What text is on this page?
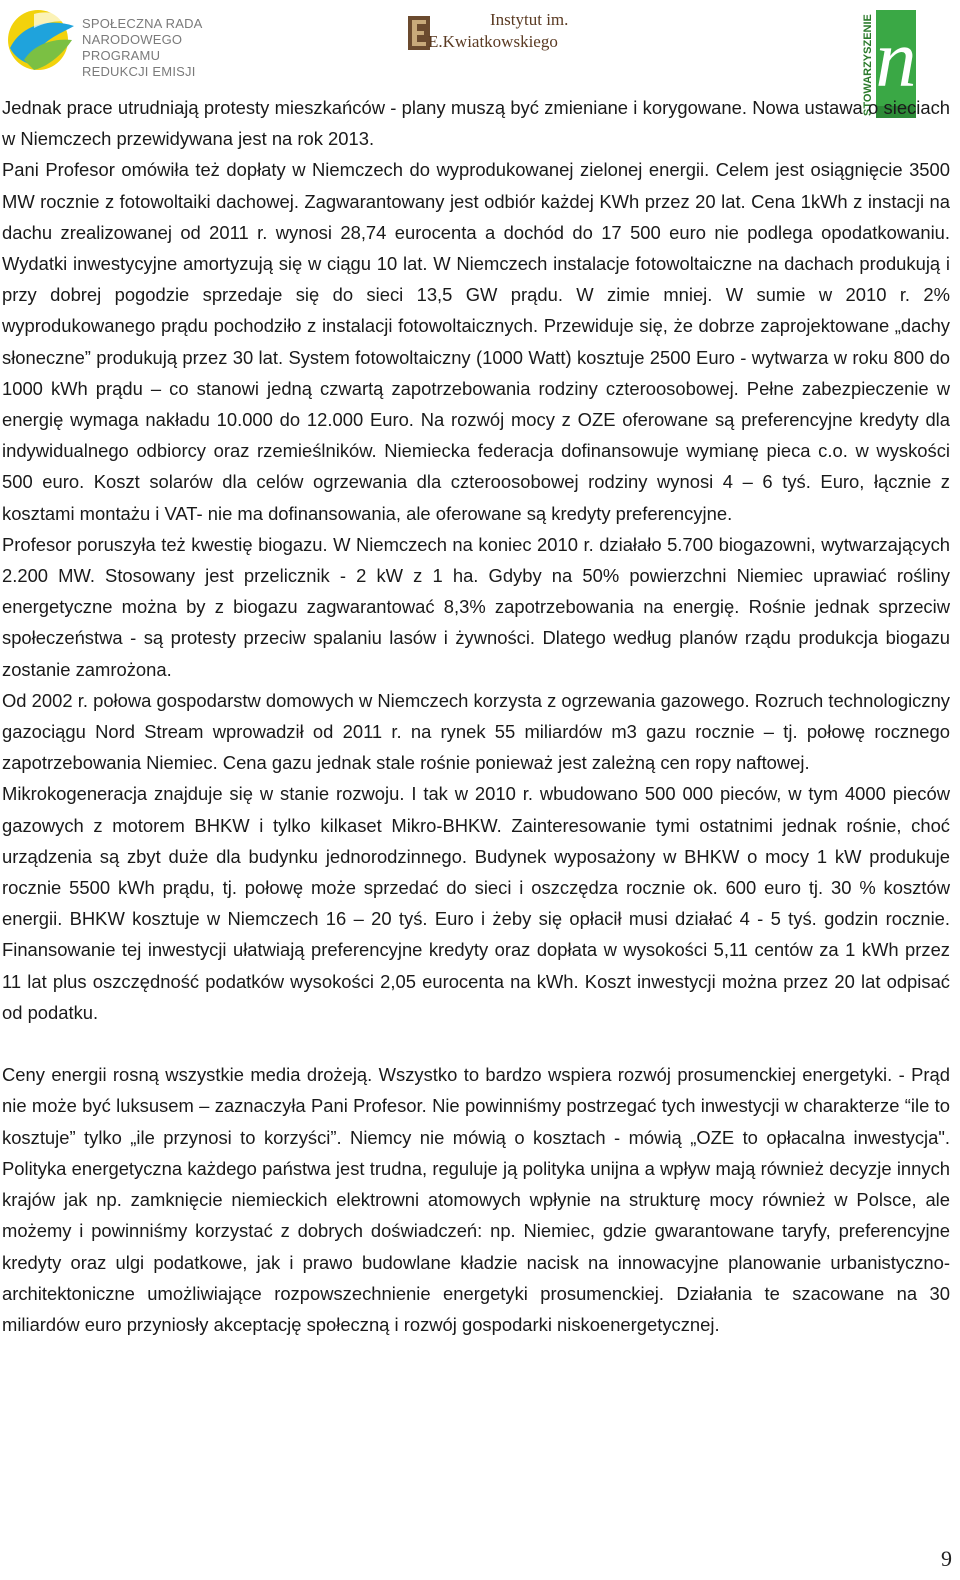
SPOŁECZNA RADA
NARODOWEGO PROGRAMU
REDUKCJI EMISJI
Instytut im.
E.Kwiatkowskiego	STOWARZYSZENIE n

Jednak prace utrudniają protesty mieszkańców - plany muszą być zmieniane i korygowane. Nowa ustawa o sieciach w Niemczech przewidywana jest na rok 2013.

Pani Profesor omówiła też dopłaty w Niemczech do wyprodukowanej zielonej energii. Celem jest osiągnięcie 3500 MW rocznie z fotowoltaiki dachowej. Zagwarantowany jest odbiór każdej KWh przez 20 lat. Cena 1kWh z instacji na dachu zrealizowanej od 2011 r. wynosi 28,74 eurocenta a dochód do 17 500 euro nie podlega opodatkowaniu. Wydatki inwestycyjne amortyzują się w ciągu 10 lat. W Niemczech instalacje fotowoltaiczne na dachach produkują i przy dobrej pogodzie sprzedaje się do sieci 13,5 GW prądu. W zimie mniej. W sumie w 2010 r. 2% wyprodukowanego prądu pochodziło z instalacji fotowoltaicznych. Przewiduje się, że dobrze zaprojektowane „dachy słoneczne” produkują przez 30 lat. System fotowoltaiczny (1000 Watt) kosztuje 2500 Euro - wytwarza w roku 800 do 1000 kWh prądu – co stanowi jedną czwartą zapotrzebowania rodziny czteroosobowej. Pełne zabezpieczenie w energię wymaga nakładu 10.000 do 12.000 Euro. Na rozwój mocy z OZE oferowane są preferencyjne kredyty dla indywidualnego odbiorcy oraz rzemieślników. Niemiecka federacja dofinansowuje wymianę pieca c.o. w wyskości 500 euro. Koszt solarów dla celów ogrzewania dla czteroosobowej rodziny wynosi 4 – 6 tyś. Euro, łącznie z kosztami montażu i VAT- nie ma dofinansowania, ale oferowane są kredyty preferencyjne.

Profesor poruszyła też kwestię biogazu. W Niemczech na koniec 2010 r. działało 5.700 biogazowni, wytwarzających 2.200 MW. Stosowany jest przelicznik - 2 kW z 1 ha. Gdyby na 50% powierzchni Niemiec uprawiać rośliny energetyczne można by z biogazu zagwarantować 8,3% zapotrzebowania na energię. Rośnie jednak sprzeciw społeczeństwa - są protesty przeciw spalaniu lasów i żywności. Dlatego według planów rządu produkcja biogazu zostanie zamrożona.

Od 2002 r. połowa gospodarstw domowych w Niemczech korzysta z ogrzewania gazowego. Rozruch technologiczny gazociągu Nord Stream wprowadził od 2011 r. na rynek 55 miliardów m3 gazu rocznie – tj. połowę rocznego zapotrzebowania Niemiec. Cena gazu jednak stale rośnie ponieważ jest zależną cen ropy naftowej.

Mikrokogeneracja znajduje się w stanie rozwoju. I tak w 2010 r. wbudowano 500 000 pieców, w tym 4000 pieców gazowych z motorem BHKW i tylko kilkaset Mikro-BHKW. Zainteresowanie tymi ostatnimi jednak rośnie, choć urządzenia są zbyt duże dla budynku jednorodzinnego. Budynek wyposażony w BHKW o mocy 1 kW produkuje rocznie 5500 kWh prądu, tj. połowę może sprzedać do sieci i oszczędza rocznie ok. 600 euro tj. 30 % kosztów energii. BHKW kosztuje w Niemczech 16 – 20 tyś. Euro i żeby się opłacił musi działać 4 - 5 tyś. godzin rocznie. Finansowanie tej inwestycji ułatwiają preferencyjne kredyty oraz dopłata w wysokości 5,11 centów za 1 kWh przez 11 lat plus oszczędność podatków wysokości 2,05 eurocenta na kWh. Koszt inwestycji można przez 20 lat odpisać od podatku.

Ceny energii rosną wszystkie media drożeją. Wszystko to bardzo wspiera rozwój prosumenckiej energetyki. - Prąd nie może być luksusem – zaznaczyła Pani Profesor. Nie powinniśmy postrzegać tych inwestycji w charakterze “ile to kosztuje” tylko „ile przynosi to korzyści”. Niemcy nie mówią o kosztach - mówią „OZE to opłacalna inwestycja". Polityka energetyczna każdego państwa jest trudna, reguluje ją polityka unijna a wpływ mają również decyzje innych krajów jak np. zamknięcie niemieckich elektrowni atomowych wpłynie na strukturę mocy również w Polsce, ale możemy i powinniśmy korzystać z dobrych doświadczeń: np. Niemiec, gdzie gwarantowane taryfy, preferencyjne kredyty oraz ulgi podatkowe, jak i prawo budowlane kładzie nacisk na innowacyjne planowanie urbanistyczno-architektoniczne umożliwiające rozpowszechnienie energetyki prosumenckiej. Działania te szacowane na 30 miliardów euro przyniosły akceptację społeczną i rozwój gospodarki niskoenergetycznej.

9
